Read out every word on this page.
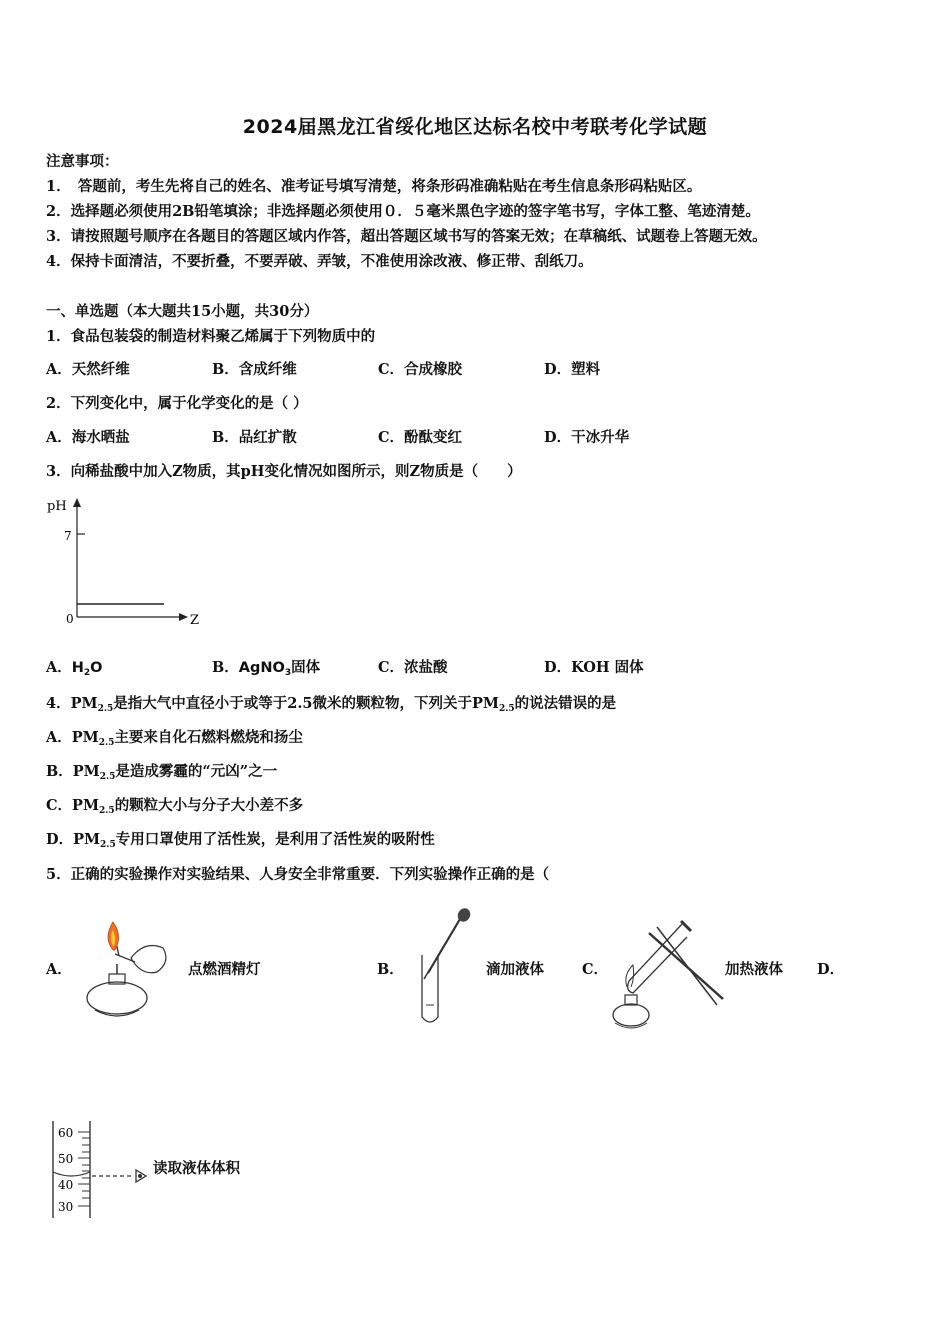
2024届黑龙江省绥化地区达标名校中考联考化学试题
注意事项：
1．　答题前，考生先将自己的姓名、准考证号填写清楚，将条形码准确粘贴在考生信息条形码粘贴区。
2．选择题必须使用2B铅笔填涂；非选择题必须使用０．５毫米黑色字迹的签字笔书写，字体工整、笔迹清楚。
3．请按照题号顺序在各题目的答题区域内作答，超出答题区域书写的答案无效；在草稿纸、试题卷上答题无效。
4．保持卡面清洁，不要折叠，不要弄破、弄皱，不准使用涂改液、修正带、刮纸刀。
一、单选题（本大题共15小题，共30分）
1．食品包装袋的制造材料聚乙烯属于下列物质中的
A．天然纤维	B．含成纤维	C．合成橡胶	D．塑料
2．下列变化中，属于化学变化的是（ ）
A．海水晒盐	B．品红扩散	C．酚酞变红	D．干冰升华
3．向稀盐酸中加入Z物质，其pH变化情况如图所示，则Z物质是（　　）
pH
7
0	Z
A．$H_2O$	B．AgNO$_3$固体	C．浓盐酸	D．KOH 固体
4．$PM_{2.5}$是指大气中直径小于或等于2.5微米的颗粒物，下列关于$PM_{2.5}$的说法错误的是
A．$PM_{2.5}$主要来自化石燃料燃烧和扬尘
B．$PM_{2.5}$是造成雾霾的“元凶”之一
C．$PM_{2.5}$的颗粒大小与分子大小差不多
D．$PM_{2.5}$专用口罩使用了活性炭，是利用了活性炭的吸附性
5．正确的实验操作对实验结果、人身安全非常重要．下列实验操作正确的是（
A．	点燃酒精灯	B．	滴加液体	C．	加热液体 D．
60
50
40
30
读取液体体积
